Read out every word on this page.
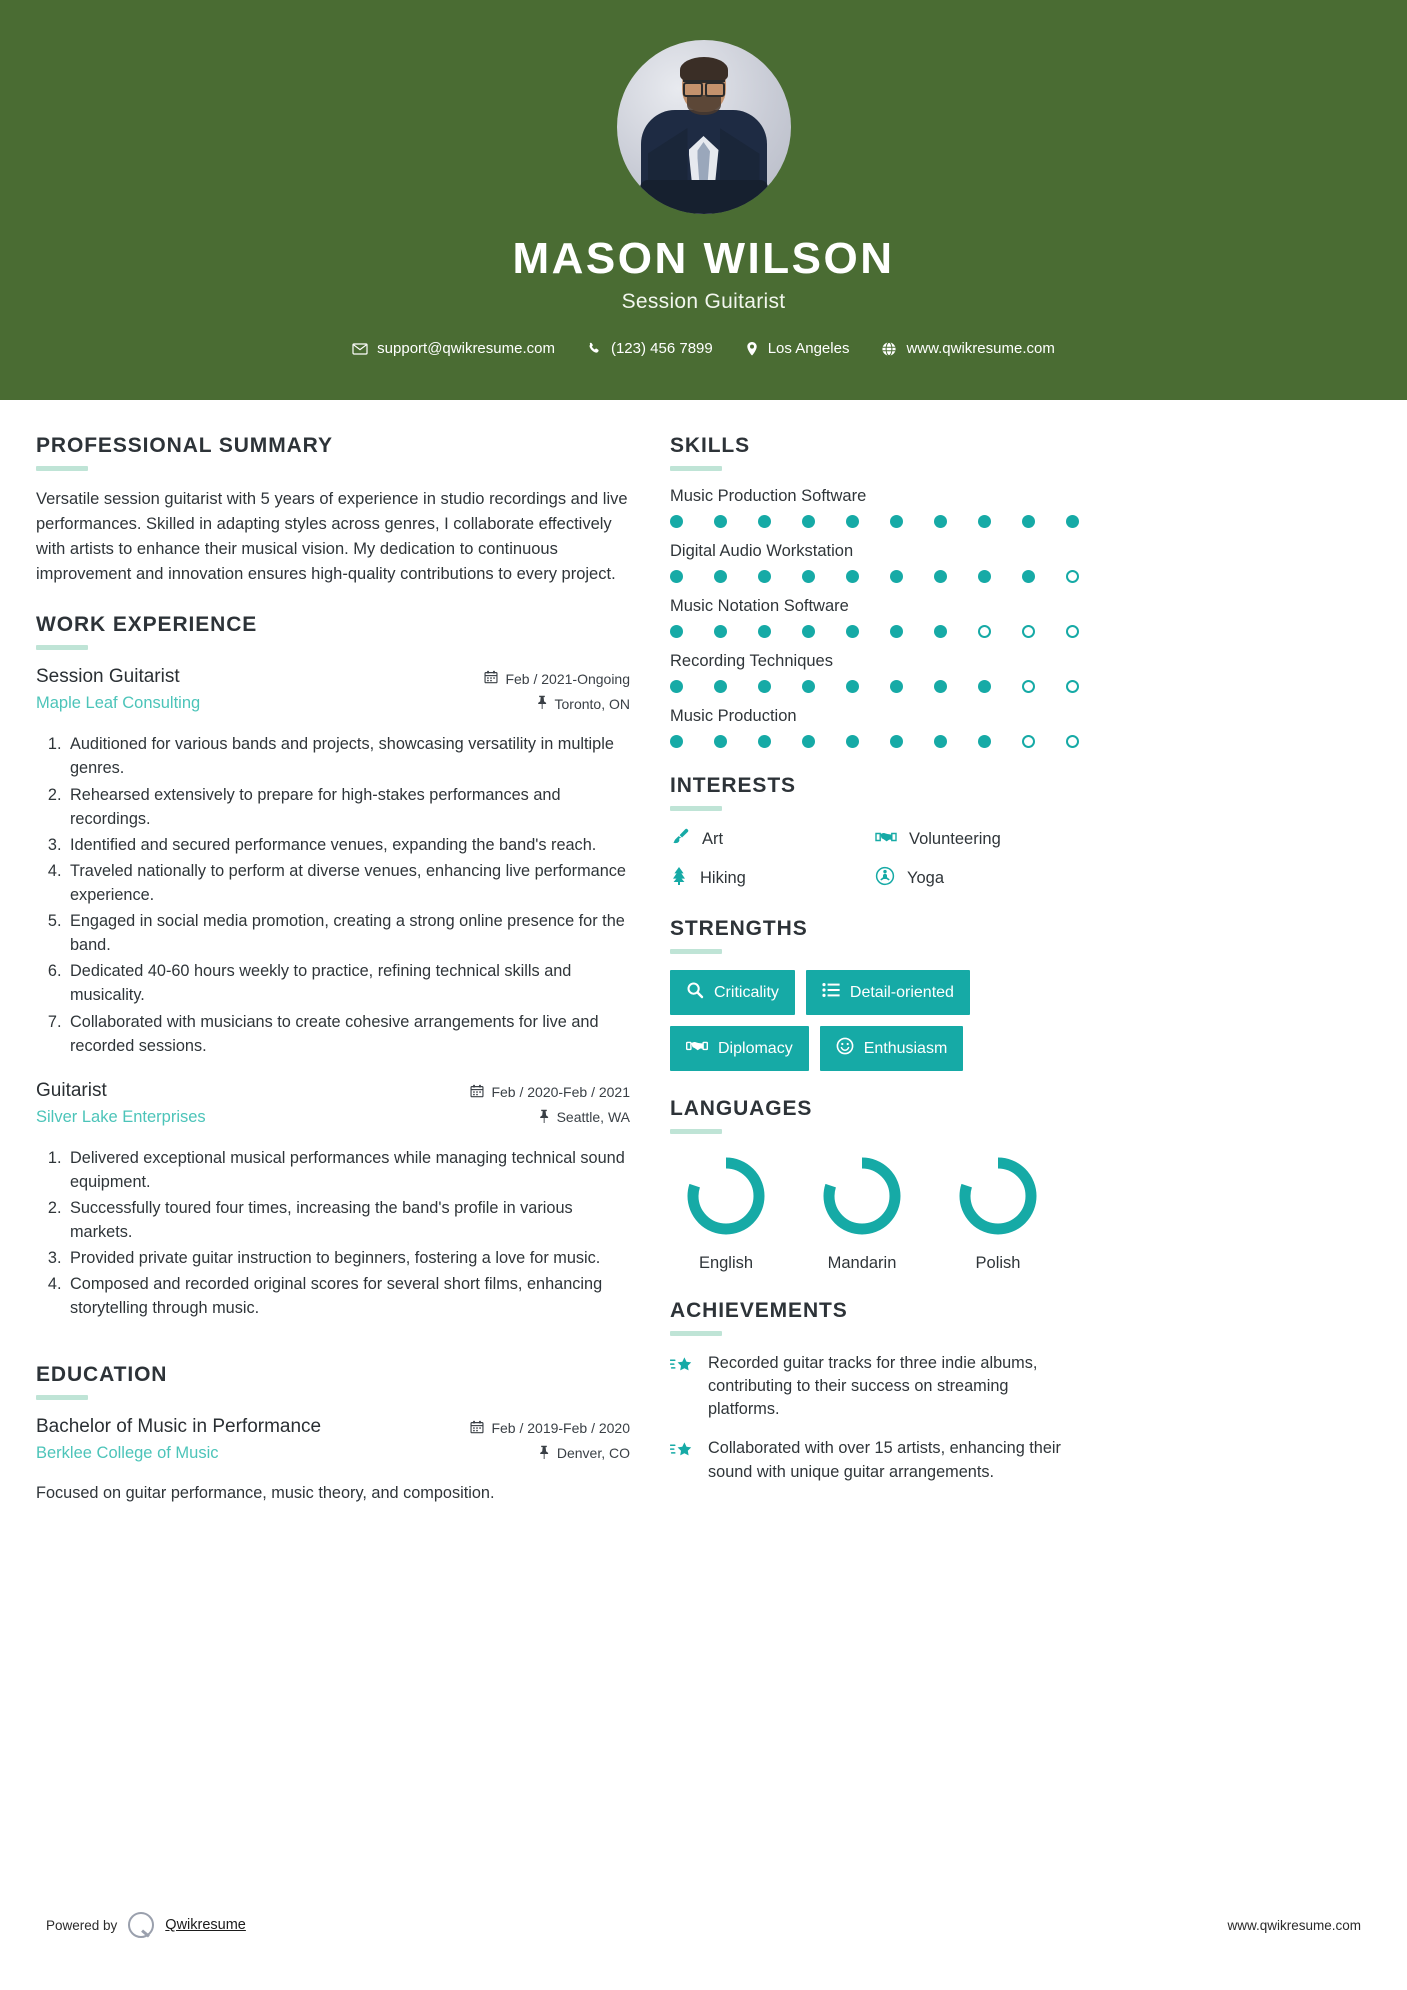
MASON WILSON
Session Guitarist
support@qwikresume.com	(123) 456 7899	Los Angeles	www.qwikresume.com
PROFESSIONAL SUMMARY
Versatile session guitarist with 5 years of experience in studio recordings and live performances. Skilled in adapting styles across genres, I collaborate effectively with artists to enhance their musical vision. My dedication to continuous improvement and innovation ensures high-quality contributions to every project.
WORK EXPERIENCE
Session Guitarist
Maple Leaf Consulting
Feb / 2021-Ongoing
Toronto, ON
1. Auditioned for various bands and projects, showcasing versatility in multiple genres.
2. Rehearsed extensively to prepare for high-stakes performances and recordings.
3. Identified and secured performance venues, expanding the band's reach.
4. Traveled nationally to perform at diverse venues, enhancing live performance experience.
5. Engaged in social media promotion, creating a strong online presence for the band.
6. Dedicated 40-60 hours weekly to practice, refining technical skills and musicality.
7. Collaborated with musicians to create cohesive arrangements for live and recorded sessions.
Guitarist
Silver Lake Enterprises
Feb / 2020-Feb / 2021
Seattle, WA
1. Delivered exceptional musical performances while managing technical sound equipment.
2. Successfully toured four times, increasing the band's profile in various markets.
3. Provided private guitar instruction to beginners, fostering a love for music.
4. Composed and recorded original scores for several short films, enhancing storytelling through music.
EDUCATION
Bachelor of Music in Performance
Berklee College of Music
Feb / 2019-Feb / 2020
Denver, CO
Focused on guitar performance, music theory, and composition.
SKILLS
Music Production Software
Digital Audio Workstation
Music Notation Software
Recording Techniques
Music Production
INTERESTS
Art	Volunteering
Hiking	Yoga
STRENGTHS
Criticality	Detail-oriented
Diplomacy	Enthusiasm
LANGUAGES
English	Mandarin	Polish
ACHIEVEMENTS
Recorded guitar tracks for three indie albums, contributing to their success on streaming platforms.
Collaborated with over 15 artists, enhancing their sound with unique guitar arrangements.
Powered by	Qwikresume	www.qwikresume.com
